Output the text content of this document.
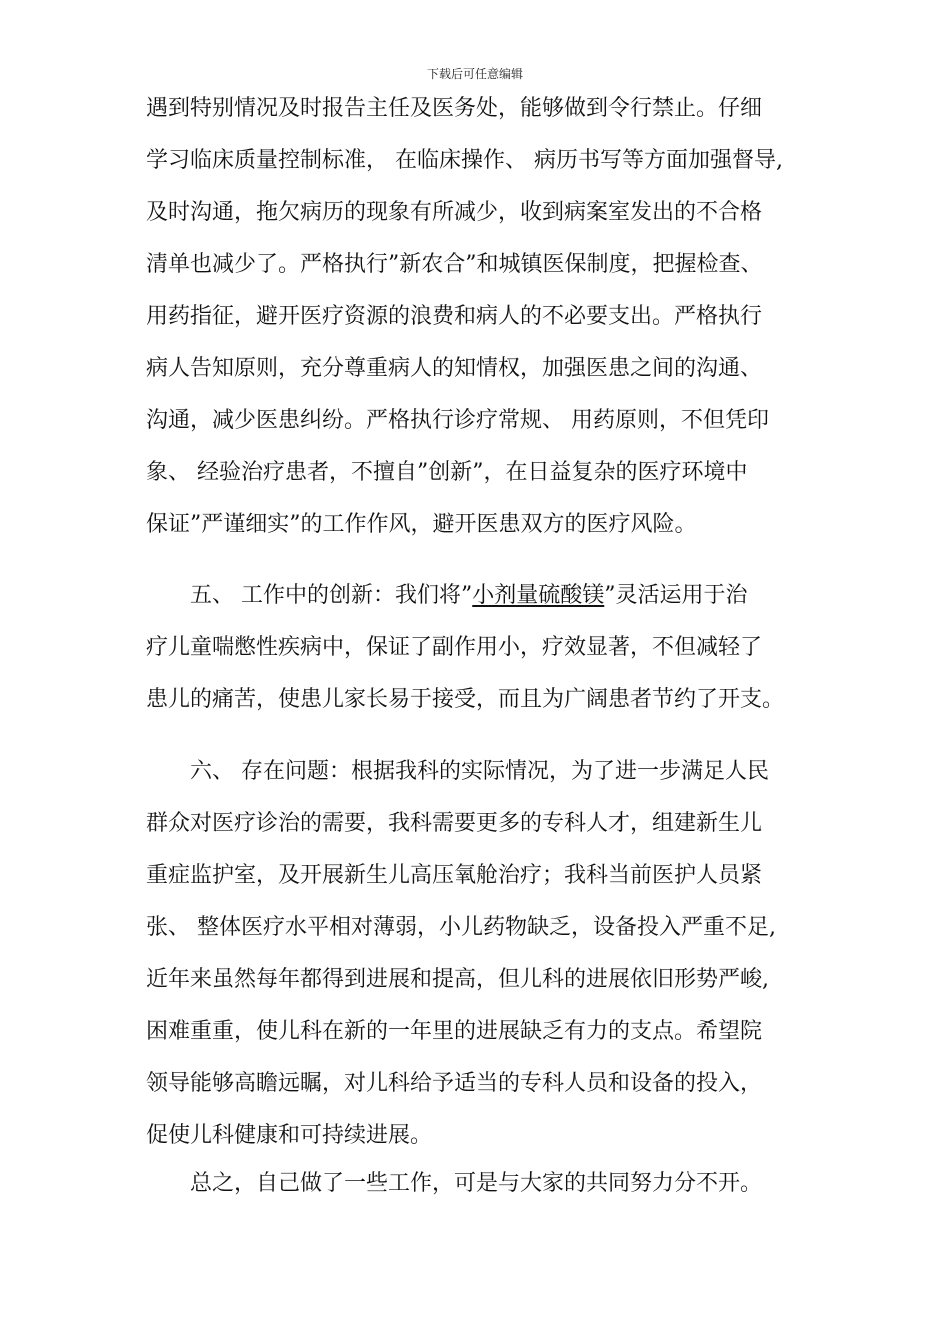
下载后可任意编辑
遇到特别情况及时报告主任及医务处，能够做到令行禁止。仔细
学习临床质量控制标准， 在临床操作、 病历书写等方面加强督导,
及时沟通，拖欠病历的现象有所减少，收到病案室发出的不合格
清单也减少了。严格执行”新农合”和城镇医保制度，把握检查、
用药指征，避开医疗资源的浪费和病人的不必要支出。严格执行
病人告知原则，充分尊重病人的知情权，加强医患之间的沟通、
沟通，减少医患纠纷。严格执行诊疗常规、 用药原则，不但凭印
象、 经验治疗患者，不擅自”创新”，在日益复杂的医疗环境中
保证”严谨细实”的工作作风，避开医患双方的医疗风险。
五、 工作中的创新：我们将”小剂量硫酸镁”灵活运用于治
疗儿童喘憋性疾病中，保证了副作用小，疗效显著，不但减轻了
患儿的痛苦，使患儿家长易于接受，而且为广阔患者节约了开支。
六、 存在问题：根据我科的实际情况，为了进一步满足人民
群众对医疗诊治的需要，我科需要更多的专科人才，组建新生儿
重症监护室，及开展新生儿高压氧舱治疗；我科当前医护人员紧
张、 整体医疗水平相对薄弱，小儿药物缺乏，设备投入严重不足,
近年来虽然每年都得到进展和提高，但儿科的进展依旧形势严峻,
困难重重，使儿科在新的一年里的进展缺乏有力的支点。希望院
领导能够高瞻远瞩，对儿科给予适当的专科人员和设备的投入，
促使儿科健康和可持续进展。
总之，自己做了一些工作，可是与大家的共同努力分不开。
